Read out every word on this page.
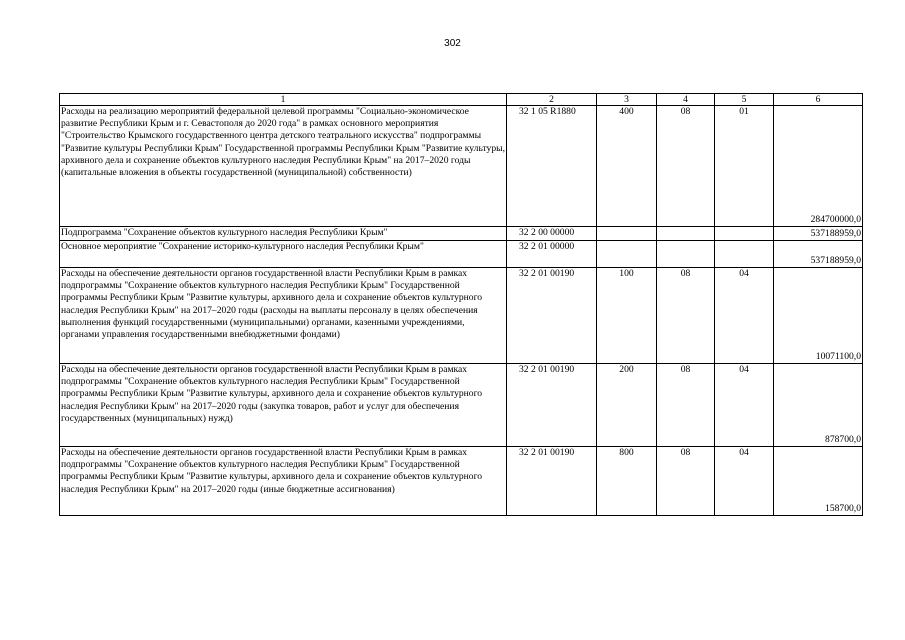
302
1	2	3	4	5	6
Расходы на реализацию мероприятий федеральной целевой программы "Социально-экономическое развитие Республики Крым и г. Севастополя до 2020 года" в рамках основного мероприятия "Строительство Крымского государственного центра детского театрального искусства" подпрограммы "Развитие культуры Республики Крым" Государственной программы Республики Крым "Развитие культуры, архивного дела и сохранение объектов культурного наследия Республики Крым" на 2017–2020 годы (капитальные вложения в объекты государственной (муниципальной) собственности)	32 1 05 R1880	400	08	01	284700000,0
Подпрограмма "Сохранение объектов культурного наследия Республики Крым"	32 2 00 00000				537188959,0
Основное мероприятие "Сохранение историко-культурного наследия Республики Крым"	32 2 01 00000				537188959,0
Расходы на обеспечение деятельности органов государственной власти Республики Крым в рамках подпрограммы "Сохранение объектов культурного наследия Республики Крым" Государственной программы Республики Крым "Развитие культуры, архивного дела и сохранение объектов культурного наследия Республики Крым" на 2017–2020 годы (расходы на выплаты персоналу в целях обеспечения выполнения функций государственными (муниципальными) органами, казенными учреждениями, органами управления государственными внебюджетными фондами)	32 2 01 00190	100	08	04	10071100,0
Расходы на обеспечение деятельности органов государственной власти Республики Крым в рамках подпрограммы "Сохранение объектов культурного наследия Республики Крым" Государственной программы Республики Крым "Развитие культуры, архивного дела и сохранение объектов культурного наследия Республики Крым" на 2017–2020 годы (закупка товаров, работ и услуг для обеспечения государственных (муниципальных) нужд)	32 2 01 00190	200	08	04	878700,0
Расходы на обеспечение деятельности органов государственной власти Республики Крым в рамках подпрограммы "Сохранение объектов культурного наследия Республики Крым" Государственной программы Республики Крым "Развитие культуры, архивного дела и сохранение объектов культурного наследия Республики Крым" на 2017–2020 годы (иные бюджетные ассигнования)	32 2 01 00190	800	08	04	158700,0
